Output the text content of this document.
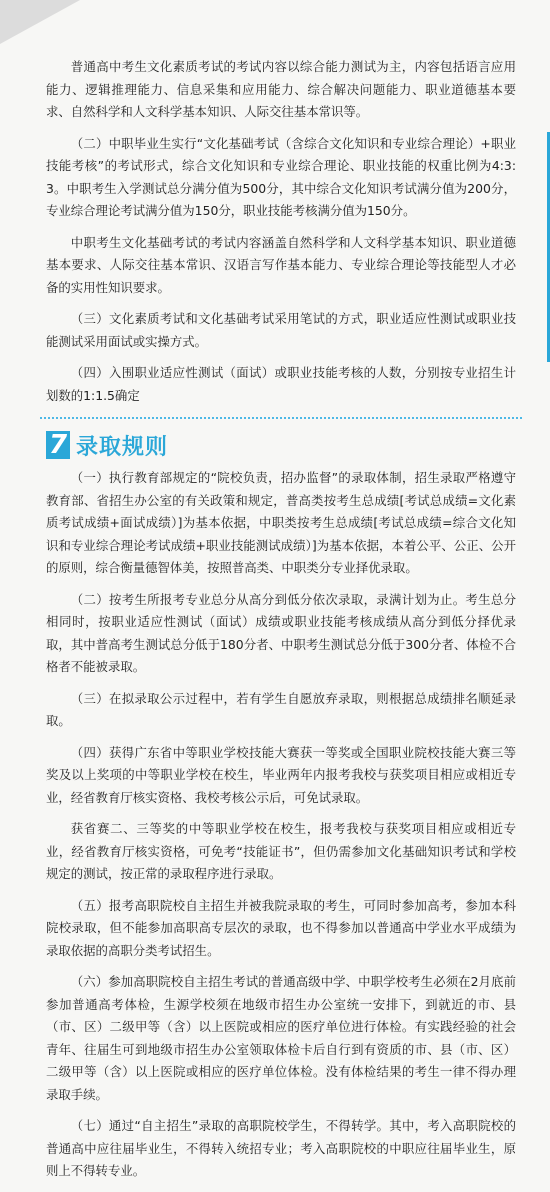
普通高中考生文化素质考试的考试内容以综合能力测试为主，内容包括语言应用能力、逻辑推理能力、信息采集和应用能力、综合解决问题能力、职业道德基本要求、自然科学和人文科学基本知识、人际交往基本常识等。

（二）中职毕业生实行“文化基础考试（含综合文化知识和专业综合理论）+职业技能考核”的考试形式，综合文化知识和专业综合理论、职业技能的权重比例为4:3:3。中职考生入学测试总分满分值为500分，其中综合文化知识考试满分值为200分，专业综合理论考试满分值为150分，职业技能考核满分值为150分。

中职考生文化基础考试的考试内容涵盖自然科学和人文科学基本知识、职业道德基本要求、人际交往基本常识、汉语言写作基本能力、专业综合理论等技能型人才必备的实用性知识要求。

（三）文化素质考试和文化基础考试采用笔试的方式，职业适应性测试或职业技能测试采用面试或实操方式。

（四）入围职业适应性测试（面试）或职业技能考核的人数，分别按专业招生计划数的1:1.5确定

7 录取规则

（一）执行教育部规定的“院校负责，招办监督”的录取体制，招生录取严格遵守教育部、省招生办公室的有关政策和规定，普高类按考生总成绩[考试总成绩=文化素质考试成绩+面试成绩）]为基本依据，中职类按考生总成绩[考试总成绩=综合文化知识和专业综合理论考试成绩+职业技能测试成绩）]为基本依据，本着公平、公正、公开的原则，综合衡量德智体美，按照普高类、中职类分专业择优录取。

（二）按考生所报考专业总分从高分到低分依次录取，录满计划为止。考生总分相同时，按职业适应性测试（面试）成绩或职业技能考核成绩从高分到低分择优录取，其中普高考生测试总分低于180分者、中职考生测试总分低于300分者、体检不合格者不能被录取。

（三）在拟录取公示过程中，若有学生自愿放弃录取，则根据总成绩排名顺延录取。

（四）获得广东省中等职业学校技能大赛获一等奖或全国职业院校技能大赛三等奖及以上奖项的中等职业学校在校生，毕业两年内报考我校与获奖项目相应或相近专业，经省教育厅核实资格、我校考核公示后，可免试录取。

获省赛二、三等奖的中等职业学校在校生，报考我校与获奖项目相应或相近专业，经省教育厅核实资格，可免考“技能证书”，但仍需参加文化基础知识考试和学校规定的测试，按正常的录取程序进行录取。

（五）报考高职院校自主招生并被我院录取的考生，可同时参加高考，参加本科院校录取，但不能参加高职高专层次的录取，也不得参加以普通高中学业水平成绩为录取依据的高职分类考试招生。

（六）参加高职院校自主招生考试的普通高级中学、中职学校考生必须在2月底前参加普通高考体检，生源学校须在地级市招生办公室统一安排下，到就近的市、县（市、区）二级甲等（含）以上医院或相应的医疗单位进行体检。有实践经验的社会青年、往届生可到地级市招生办公室领取体检卡后自行到有资质的市、县（市、区）二级甲等（含）以上医院或相应的医疗单位体检。没有体检结果的考生一律不得办理录取手续。

（七）通过“自主招生”录取的高职院校学生，不得转学。其中，考入高职院校的普通高中应往届毕业生，不得转入统招专业；考入高职院校的中职应往届毕业生，原则上不得转专业。
